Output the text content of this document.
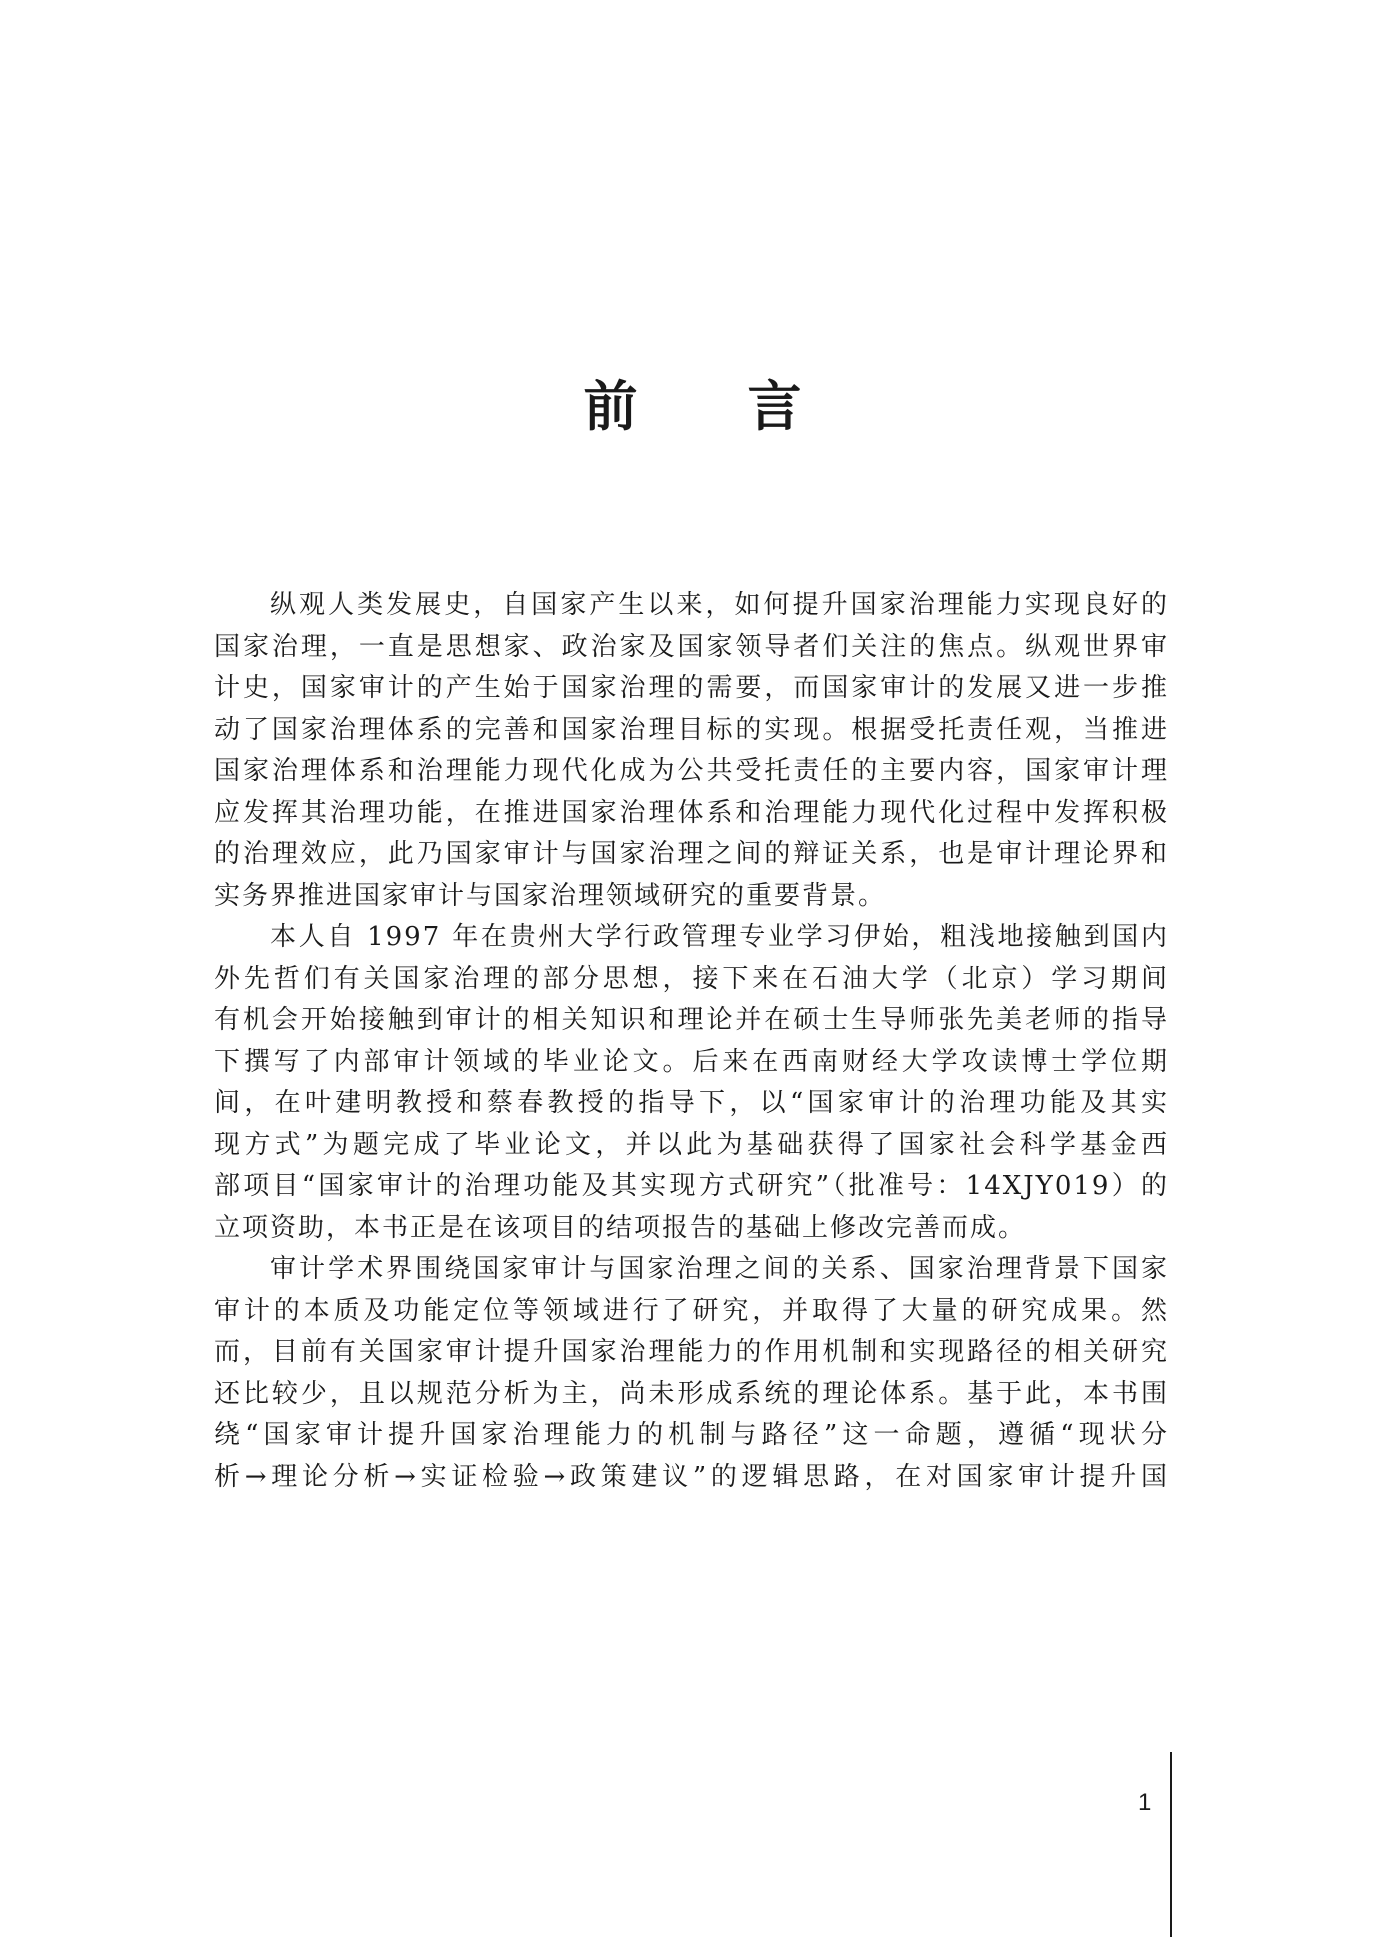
前言
纵观人类发展史，自国家产生以来，如何提升国家治理能力实现良好的
国家治理，一直是思想家、政治家及国家领导者们关注的焦点。纵观世界审
计史，国家审计的产生始于国家治理的需要，而国家审计的发展又进一步推
动了国家治理体系的完善和国家治理目标的实现。根据受托责任观，当推进
国家治理体系和治理能力现代化成为公共受托责任的主要内容，国家审计理
应发挥其治理功能，在推进国家治理体系和治理能力现代化过程中发挥积极
的治理效应，此乃国家审计与国家治理之间的辩证关系，也是审计理论界和
实务界推进国家审计与国家治理领域研究的重要背景。
本人自 1997 年在贵州大学行政管理专业学习伊始，粗浅地接触到国内
外先哲们有关国家治理的部分思想，接下来在石油大学（北京）学习期间
有机会开始接触到审计的相关知识和理论并在硕士生导师张先美老师的指导
下撰写了内部审计领域的毕业论文。后来在西南财经大学攻读博士学位期
间，在叶建明教授和蔡春教授的指导下，以“国家审计的治理功能及其实
现方式”为题完成了毕业论文，并以此为基础获得了国家社会科学基金西
部项目“国家审计的治理功能及其实现方式研究”（批准号：14XJY019）的
立项资助，本书正是在该项目的结项报告的基础上修改完善而成。
审计学术界围绕国家审计与国家治理之间的关系、国家治理背景下国家
审计的本质及功能定位等领域进行了研究，并取得了大量的研究成果。然
而，目前有关国家审计提升国家治理能力的作用机制和实现路径的相关研究
还比较少，且以规范分析为主，尚未形成系统的理论体系。基于此，本书围
绕“国家审计提升国家治理能力的机制与路径”这一命题，遵循“现状分
析→理论分析→实证检验→政策建议”的逻辑思路，在对国家审计提升国
1
